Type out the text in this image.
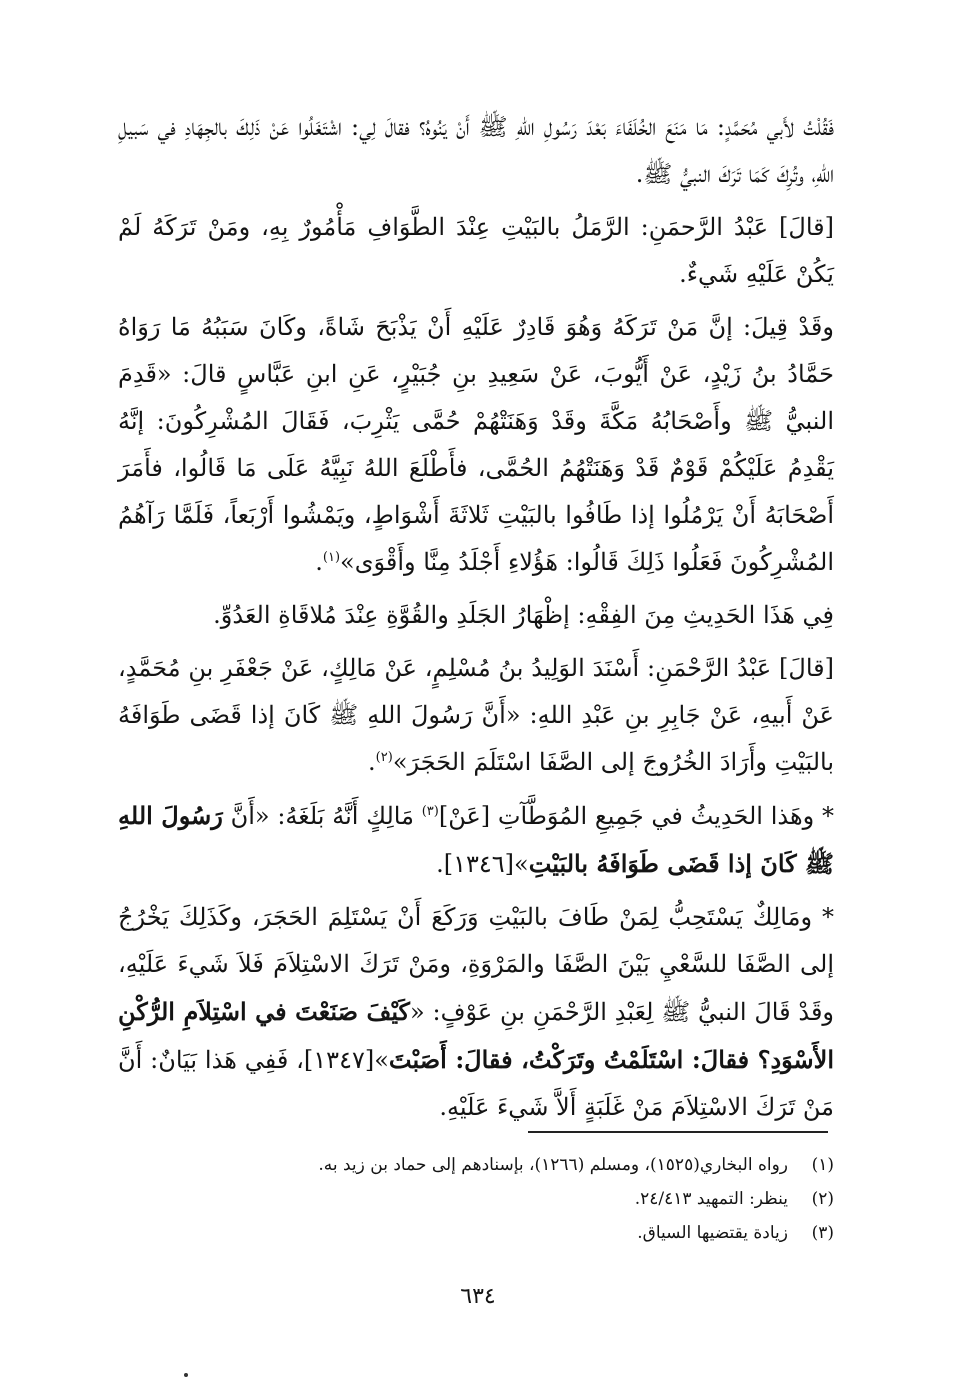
فَقُلْتُ لأَبي مُحَمَّدٍ: مَا مَنَعَ الخُلَفَاءَ بَعْدَ رَسُولِ اللهِ ﷺ أَنْ يَنُوهُ؟ فقالَ لِي: اشْتَغَلُوا عَنْ ذَلِكَ بالجِهَادِ في سَبيلِ اللهِ، وتُرِكَ كَمَا تَرَكَ النبيُّ ﷺ.

[قالَ] عَبْدُ الرَّحمَنِ: الرَّمَلُ بالبَيْتِ عِنْدَ الطَّوَافِ مَأْمُورٌ بِهِ، ومَنْ تَرَكَهُ لَمْ يَكُنْ عَلَيْهِ شَيءٌ.

وقَدْ قِيلَ: إنَّ مَنْ تَرَكَهُ وَهُوَ قَادِرٌ عَلَيْهِ أَنْ يَذْبَحَ شَاةً، وكَانَ سَبَبُهُ مَا رَوَاهُ حَمَّادُ بنُ زَيْدٍ، عَنْ أَيُّوبَ، عَنْ سَعِيدِ بنِ جُبَيْرٍ، عَنِ ابنِ عَبَّاسٍ قالَ: «قَدِمَ النبيُّ ﷺ وأَصْحَابُهُ مَكَّةَ وقَدْ وَهَنَتْهُمْ حُمَّى يَثْرِبَ، فَقَالَ المُشْرِكُونَ: إنَّهُ يَقْدِمُ عَلَيْكُمْ قَوْمٌ قَدْ وَهَنَتْهُمُ الحُمَّى، فأَطْلَعَ اللهُ نَبِيَّهُ عَلَى مَا قَالُوا، فأَمَرَ أَصْحَابَهُ أَنْ يَرْمُلُوا إذا طَافُوا بالبَيْتِ ثَلاثَةَ أَشْوَاطٍ، ويَمْشُوا أَرْبَعاً، فَلَمَّا رَآهُمُ المُشْرِكُونَ فَعَلُوا ذَلِكَ قَالُوا: هَؤُلاءِ أَجْلَدُ مِنَّا وأَقْوَى»$^{(١)}$.

فِي هَذَا الحَدِيثِ مِنَ الفِقْهِ: إظْهَارُ الجَلَدِ والقُوَّةِ عِنْدَ مُلاقَاةِ العَدُوِّ.

[قالَ] عَبْدُ الرَّحْمَنِ: أَسْنَدَ الوَلِيدُ بنُ مُسْلِمٍ، عَنْ مَالِكٍ، عَنْ جَعْفَرِ بنِ مُحَمَّدٍ، عَنْ أَبيهِ، عَنْ جَابِرِ بنِ عَبْدِ اللهِ: «أَنَّ رَسُولَ اللهِ ﷺ كَانَ إذا قَضَى طَوَافَهُ بالبَيْتِ وأَرَادَ الخُرُوجَ إلى الصَّفَا اسْتَلَمَ الحَجَرَ»$^{(٢)}$.

* وهَذا الحَدِيثُ في جَمِيعِ المُوَطَّآتِ [عَنْ]$^{(٣)}$ مَالِكٍ أَنَّهُ بَلَغَهُ: «أَنَّ رَسُولَ اللهِ ﷺ كَانَ إذا قَضَى طَوَافَهُ بالبَيْتِ»[١٣٤٦].

* ومَالِكٌ يَسْتَحِبُّ لِمَنْ طَافَ بالبَيْتِ وَرَكَعَ أَنْ يَسْتَلِمَ الحَجَرَ، وكَذَلِكَ يَخْرُجُ إلى الصَّفَا للسَّعْيِ بَيْنَ الصَّفَا والمَرْوَةِ، ومَنْ تَرَكَ الاسْتِلاَمَ فَلاَ شَيءَ عَلَيْهِ، وقَدْ قَالَ النبيُّ ﷺ لِعَبْدِ الرَّحْمَنِ بنِ عَوْفٍ: «كَيْفَ صَنَعْتَ في اسْتِلاَمِ الرُّكْنِ الأَسْوَدِ؟ فقالَ: اسْتَلَمْتُ وتَرَكْتُ، فقالَ: أَصَبْتَ»[١٣٤٧]، فَفِي هَذا بَيَانٌ: أَنَّ مَنْ تَرَكَ الاسْتِلاَمَ مَنْ غَلَبَةٍ أَلاَّ شَيءَ عَلَيْهِ.

(١)
رواه البخاري(١٥٢٥)، ومسلم (١٢٦٦)، بإسنادهم إلى حماد بن زيد به.
(٢)
ينظر: التمهيد ٢٤/٤١٣.
(٣)
زيادة يقتضيها السياق.
٦٣٤
